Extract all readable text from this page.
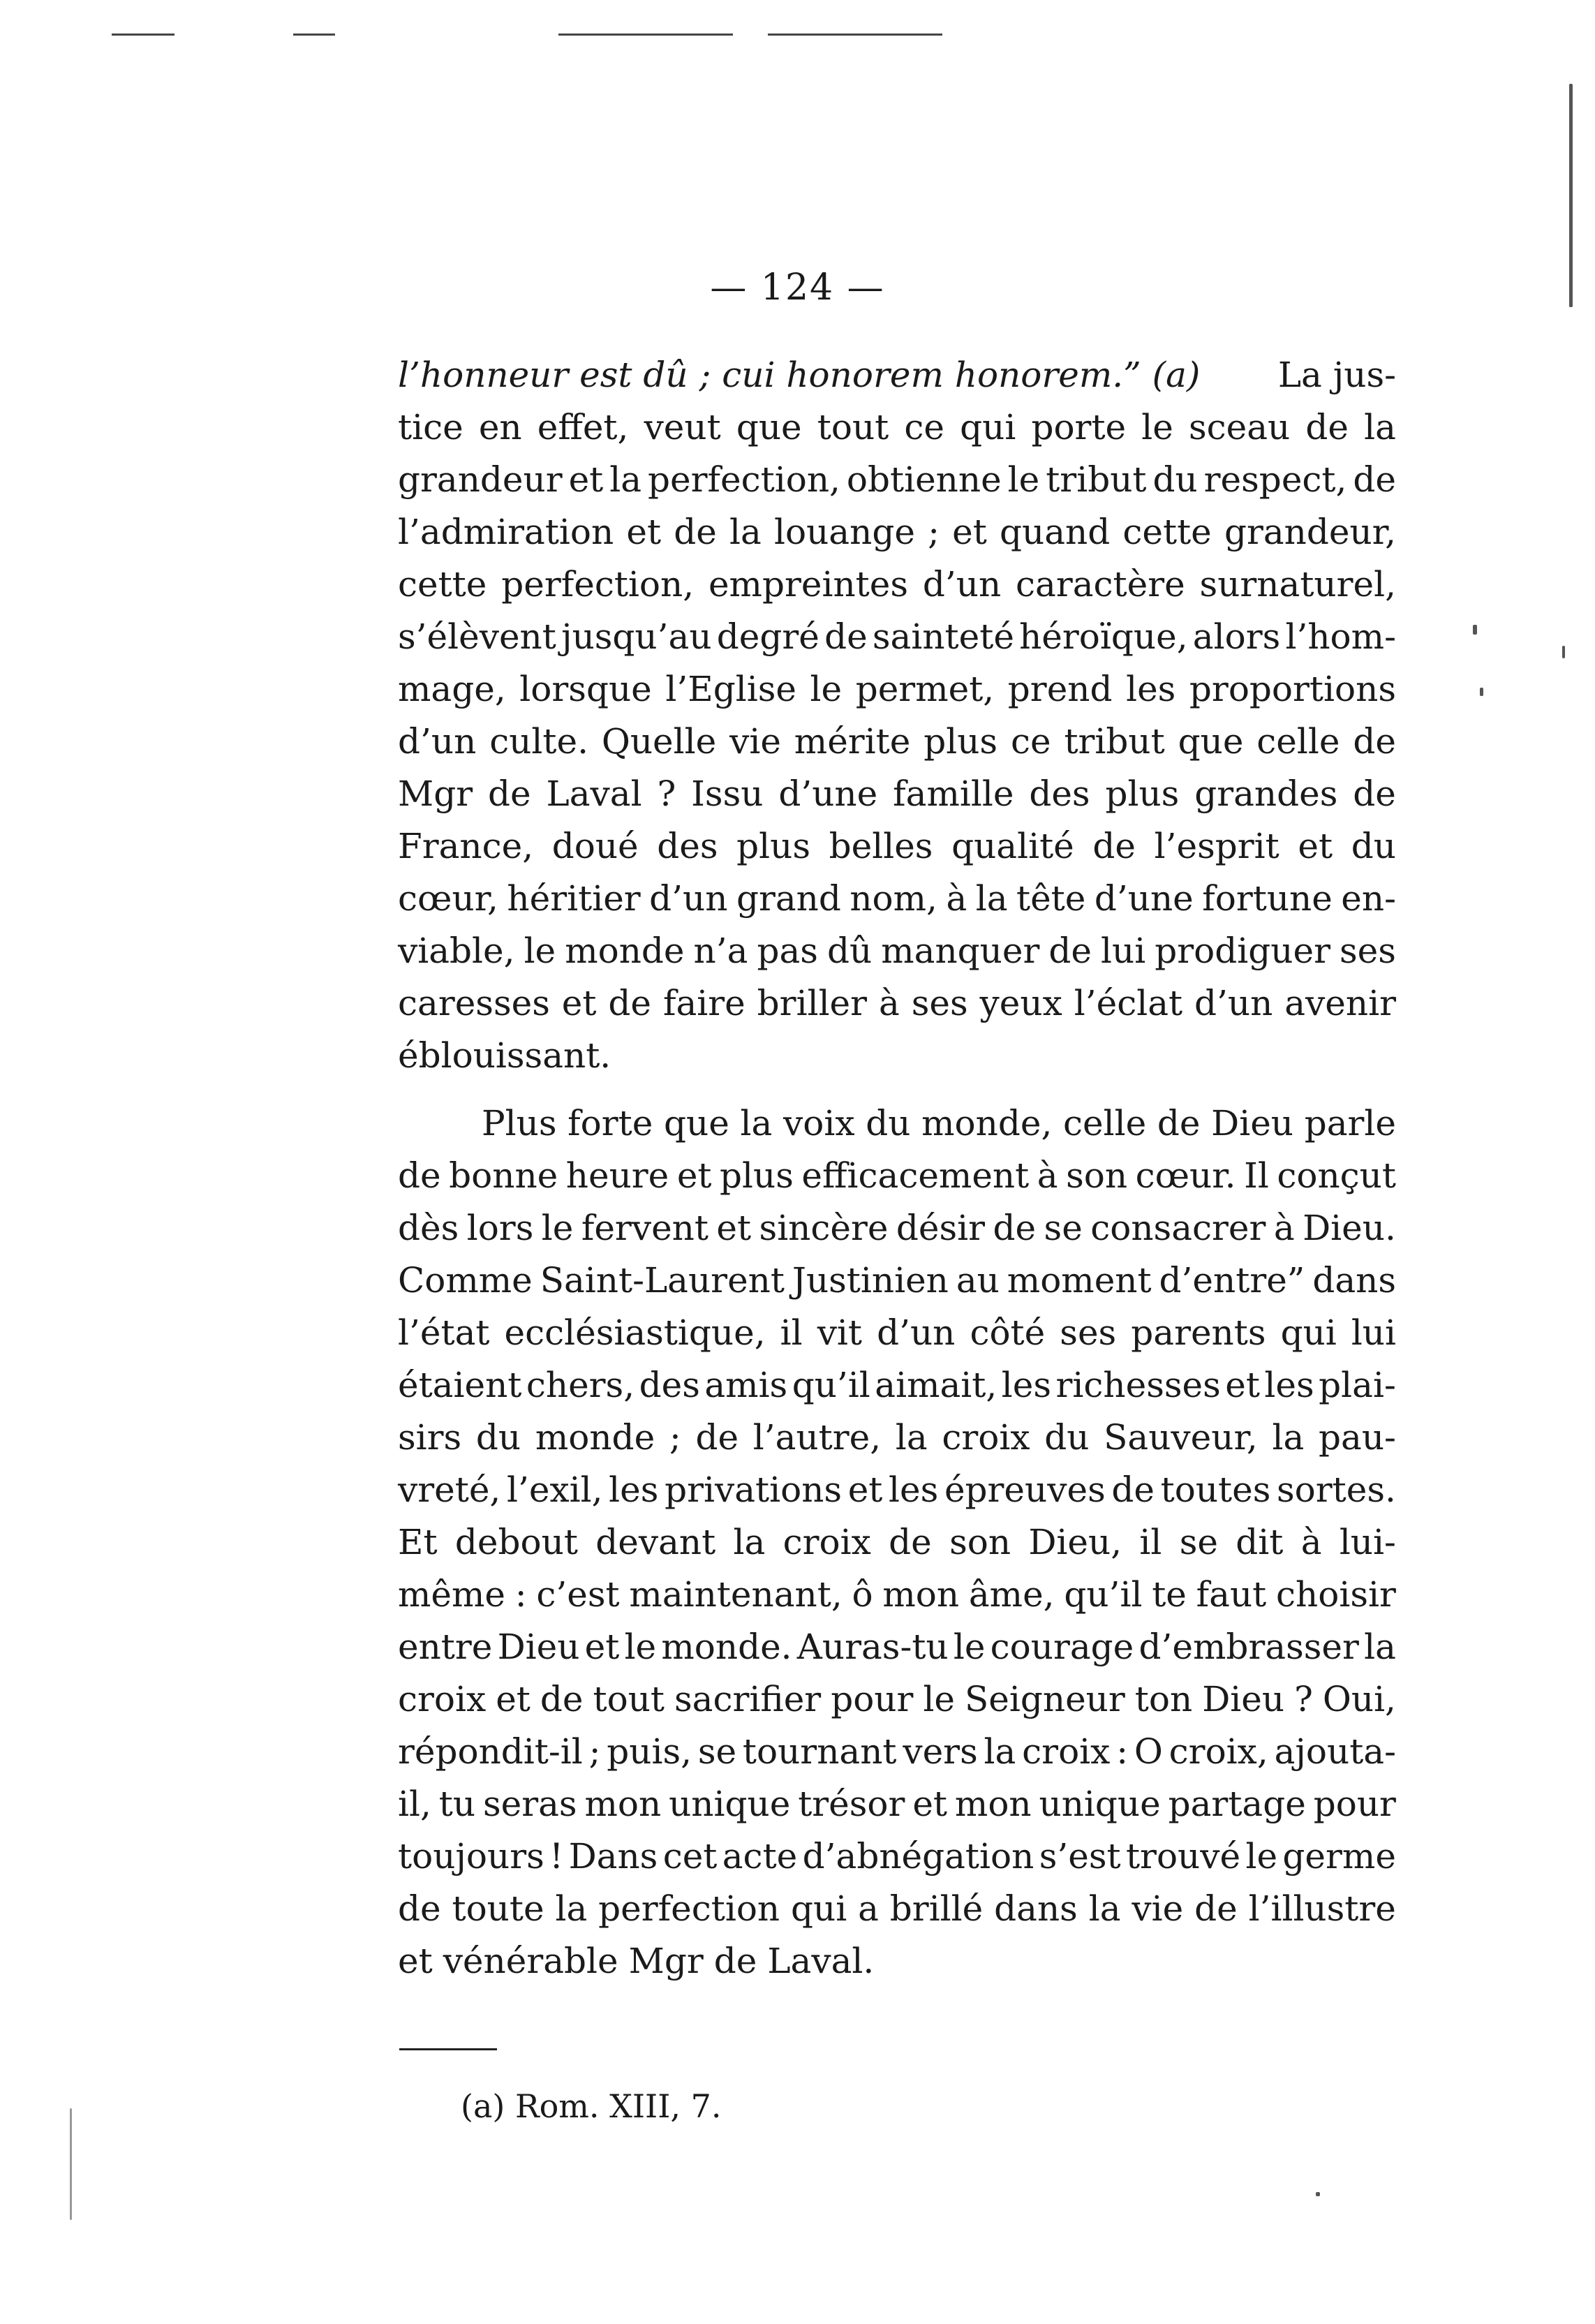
— 124 —
l’honneur est dû ; cui honorem honorem.” (a) La jus-
tice en effet, veut que tout ce qui porte le sceau de la
grandeur et la perfection, obtienne le tribut du respect, de
l’admiration et de la louange ; et quand cette grandeur,
cette perfection, empreintes d’un caractère surnaturel,
s’élèvent jusqu’au degré de sainteté héroïque, alors l’hom-
mage, lorsque l’Eglise le permet, prend les proportions
d’un culte. Quelle vie mérite plus ce tribut que celle de
Mgr de Laval ? Issu d’une famille des plus grandes de
France, doué des plus belles qualité de l’esprit et du
cœur, héritier d’un grand nom, à la tête d’une fortune en-
viable, le monde n’a pas dû manquer de lui prodiguer ses
caresses et de faire briller à ses yeux l’éclat d’un avenir
éblouissant.
Plus forte que la voix du monde, celle de Dieu parle
de bonne heure et plus efficacement à son cœur. Il conçut
dès lors le fervent et sincère désir de se consacrer à Dieu.
Comme Saint-Laurent Justinien au moment d’entre” dans
l’état ecclésiastique, il vit d’un côté ses parents qui lui
étaient chers, des amis qu’il aimait, les richesses et les plai-
sirs du monde ; de l’autre, la croix du Sauveur, la pau-
vreté, l’exil, les privations et les épreuves de toutes sortes.
Et debout devant la croix de son Dieu, il se dit à lui-
même : c’est maintenant, ô mon âme, qu’il te faut choisir
entre Dieu et le monde. Auras-tu le courage d’embrasser la
croix et de tout sacrifier pour le Seigneur ton Dieu ? Oui,
répondit-il ; puis, se tournant vers la croix : O croix, ajouta-
il, tu seras mon unique trésor et mon unique partage pour
toujours ! Dans cet acte d’abnégation s’est trouvé le germe
de toute la perfection qui a brillé dans la vie de l’illustre
et vénérable Mgr de Laval.
(a) Rom. XIII, 7.
